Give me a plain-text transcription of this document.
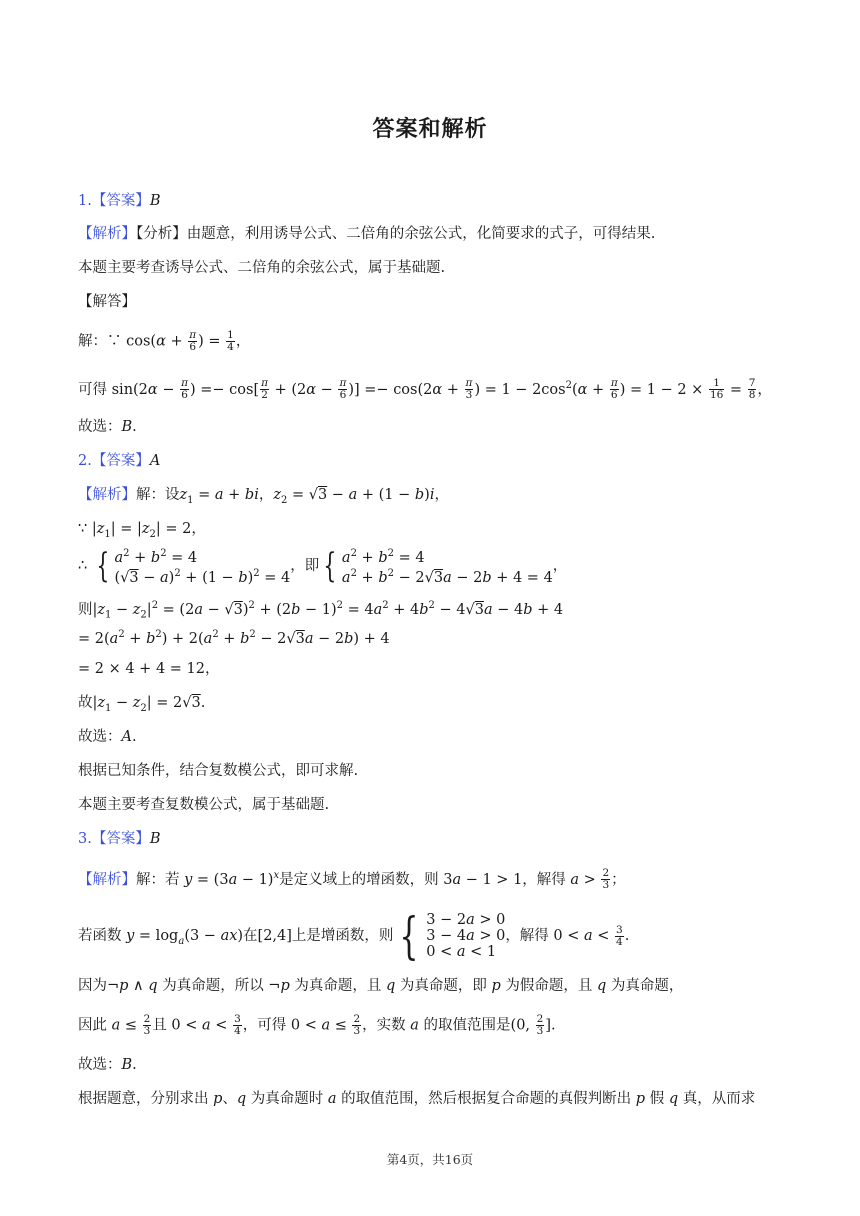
答案和解析
1.【答案】B
【解析】【分析】由题意，利用诱导公式、二倍角的余弦公式，化简要求的式子，可得结果.
本题主要考查诱导公式、二倍角的余弦公式，属于基础题.
【解答】
解：∵ $\cos(\alpha + \frac{\pi}{6}$ ) = $\frac{1}{4}$ ，
可得 $\sin(2\alpha - \frac{\pi}{6}$ ) =− $\cos[ \frac{\pi}{2} + (2\alpha - \frac{\pi}{6}$ )] =− $\cos(2\alpha + \frac{\pi}{3}$ ) = $1 - 2\cos^2(\alpha + \frac{\pi}{6}$ ) = $1 - 2 \times \frac{1}{16} = \frac{7}{8}$ ，
故选：B.
2.【答案】A
【解析】解：设$z_1 = a$ + bi，$z_2 = √3 - a + (1 - b)i$，
∵ $|z_1| = |z_2| = 2$，
∴ { $a^2 + b^2 = 4$
$(√3 - a)^2 + (1 - b)^2 = 4$
，即 { $a^2 + b^2 = 4$
$a^2 + b^2 - 2√3a - 2b + 4 = 4$
，
则$|z_1 - z_2|^2 = (2a - √3)^2 + (2b - 1)^2 = 4a^2 + 4b^2 - 4√3a - 4b + 4$
= $2(a^2 + b^2) + 2(a^2 + b^2 - 2√3a - 2b) + 4$
= 2 × 4 + 4 = 12，
故$|z_1 - z_2| = 2√3$.
故选：A.
根据已知条件，结合复数模公式，即可求解.
本题主要考查复数模公式，属于基础题.
3.【答案】B
【解析】解：若 $y = (3a - 1)^x$是定义域上的增函数，则 3a − 1 > 1，解得 $a > \frac{2}{3}$ ；
若函数 $y = \log_a(3 - ax)$在[2,4]上是增函数，则 { 3 − 2a > 0
3 − 4a > 0
0 < a < 1
，解得 $0 < a < \frac{3}{4}$ .
因为¬p ∧ q 为真命题，所以 ¬p 为真命题，且 q 为真命题，即 p 为假命题，且 q 为真命题，
因此 $a \le \frac{2}{3}$ 且 $0 < a < \frac{3}{4}$ ，可得 $0 < a \le \frac{2}{3}$ ，实数 a 的取值范围是(0, $\frac{2}{3}$ ].
故选：B.
根据题意，分别求出 p、q 为真命题时 a 的取值范围，然后根据复合命题的真假判断出 p 假 q 真，从而求
第4页，共16页
